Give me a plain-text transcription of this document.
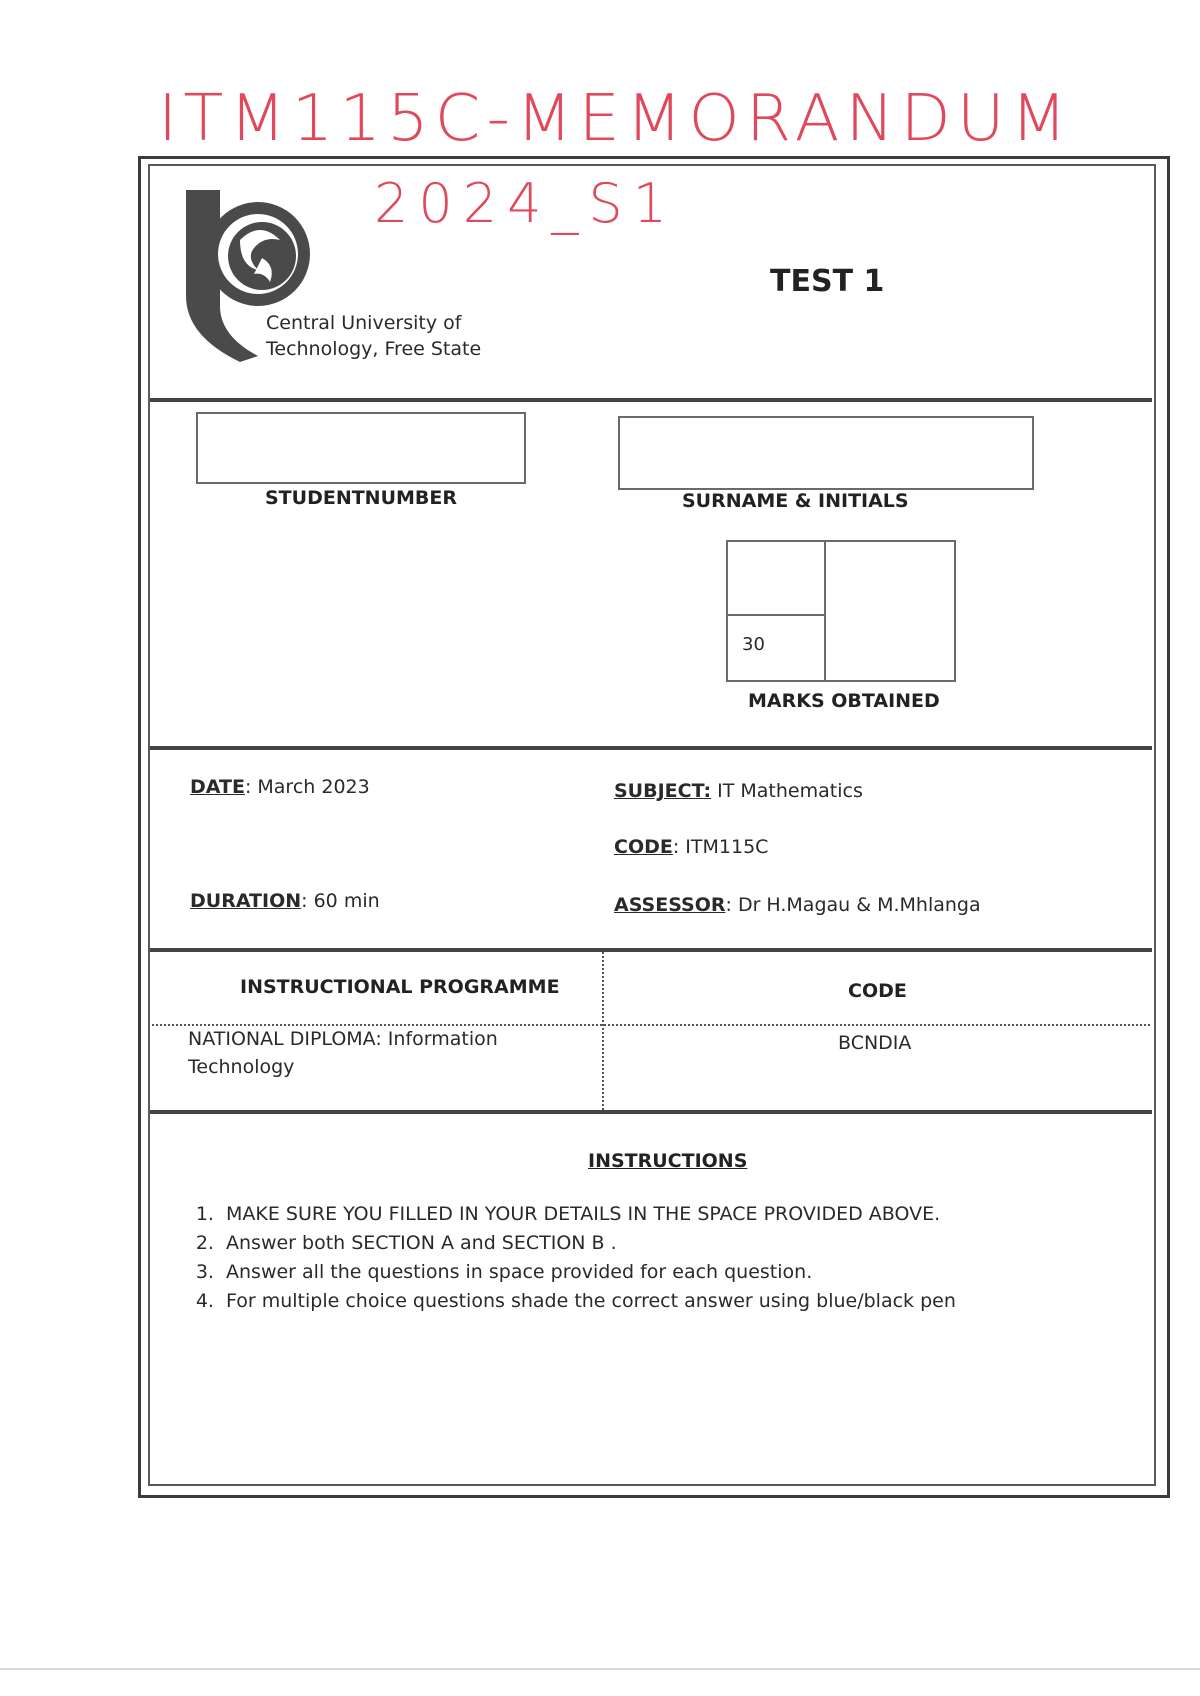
ITM115C-MEMORANDUM
2024_S1
Central University of
Technology, Free State
TEST 1
STUDENTNUMBER	SURNAME & INITIALS
30
MARKS OBTAINED
DATE: March 2023
DURATION: 60 min
SUBJECT: IT Mathematics
CODE: ITM115C
ASSESSOR: Dr H.Magau & M.Mhlanga
INSTRUCTIONAL PROGRAMME	CODE
NATIONAL DIPLOMA: Information
Technology
BCNDIA
INSTRUCTIONS
1. MAKE SURE YOU FILLED IN YOUR DETAILS IN THE SPACE PROVIDED ABOVE.
2. Answer both SECTION A and SECTION B .
3. Answer all the questions in space provided for each question.
4. For multiple choice questions shade the correct answer using blue/black pen
